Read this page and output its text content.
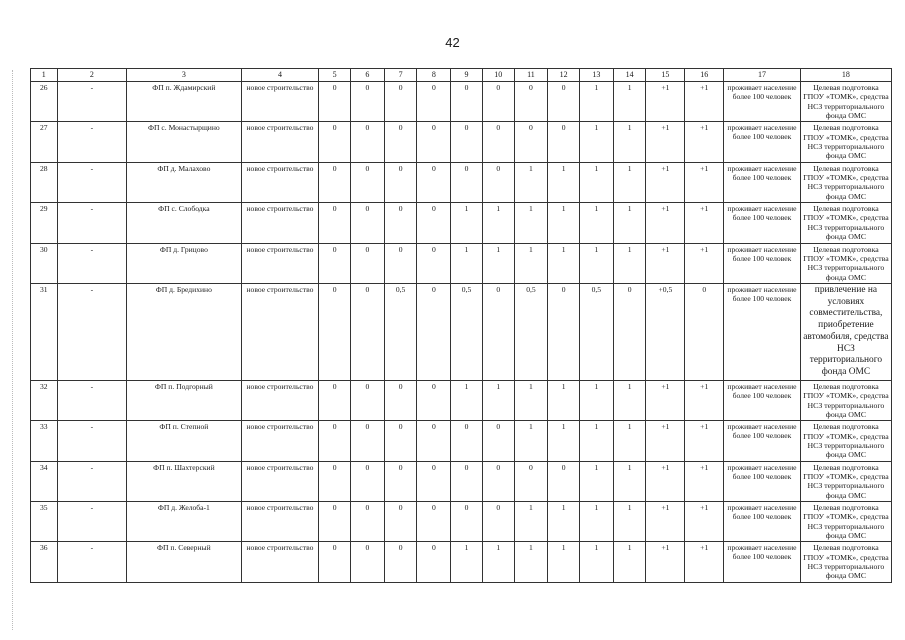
42
1	2	3	4	5	6	7	8	9	10	11	12	13	14	15	16	17	18
26	-	ФП п. Ждамирский	новое строительство	0	0	0	0	0	0	0	0	1	1	+1	+1	проживает население более 100 человек	Целевая подготовка ГПОУ «ТОМК», средства НСЗ территориального фонда ОМС
27	-	ФП с. Монастырщино	новое строительство	0	0	0	0	0	0	0	0	1	1	+1	+1	проживает население более 100 человек	Целевая подготовка ГПОУ «ТОМК», средства НСЗ территориального фонда ОМС
28	-	ФП д. Малахово	новое строительство	0	0	0	0	0	0	1	1	1	1	+1	+1	проживает население более 100 человек	Целевая подготовка ГПОУ «ТОМК», средства НСЗ территориального фонда ОМС
29	-	ФП с. Слободка	новое строительство	0	0	0	0	1	1	1	1	1	1	+1	+1	проживает население более 100 человек	Целевая подготовка ГПОУ «ТОМК», средства НСЗ территориального фонда ОМС
30	-	ФП д. Грицово	новое строительство	0	0	0	0	1	1	1	1	1	1	+1	+1	проживает население более 100 человек	Целевая подготовка ГПОУ «ТОМК», средства НСЗ территориального фонда ОМС
31	-	ФП д. Бредихино	новое строительство	0	0	0,5	0	0,5	0	0,5	0	0,5	0	+0,5	0	проживает население более 100 человек	привлечение на условиях совместительства, приобретение автомобиля, средства НСЗ территориального фонда ОМС
32	-	ФП п. Подгорный	новое строительство	0	0	0	0	1	1	1	1	1	1	+1	+1	проживает население более 100 человек	Целевая подготовка ГПОУ «ТОМК», средства НСЗ территориального фонда ОМС
33	-	ФП п. Степной	новое строительство	0	0	0	0	0	0	1	1	1	1	+1	+1	проживает население более 100 человек	Целевая подготовка ГПОУ «ТОМК», средства НСЗ территориального фонда ОМС
34	-	ФП п. Шахтерский	новое строительство	0	0	0	0	0	0	0	0	1	1	+1	+1	проживает население более 100 человек	Целевая подготовка ГПОУ «ТОМК», средства НСЗ территориального фонда ОМС
35	-	ФП д. Желоба-1	новое строительство	0	0	0	0	0	0	1	1	1	1	+1	+1	проживает население более 100 человек	Целевая подготовка ГПОУ «ТОМК», средства НСЗ территориального фонда ОМС
36	-	ФП п. Северный	новое строительство	0	0	0	0	1	1	1	1	1	1	+1	+1	проживает население более 100 человек	Целевая подготовка ГПОУ «ТОМК», средства НСЗ территориального фонда ОМС
